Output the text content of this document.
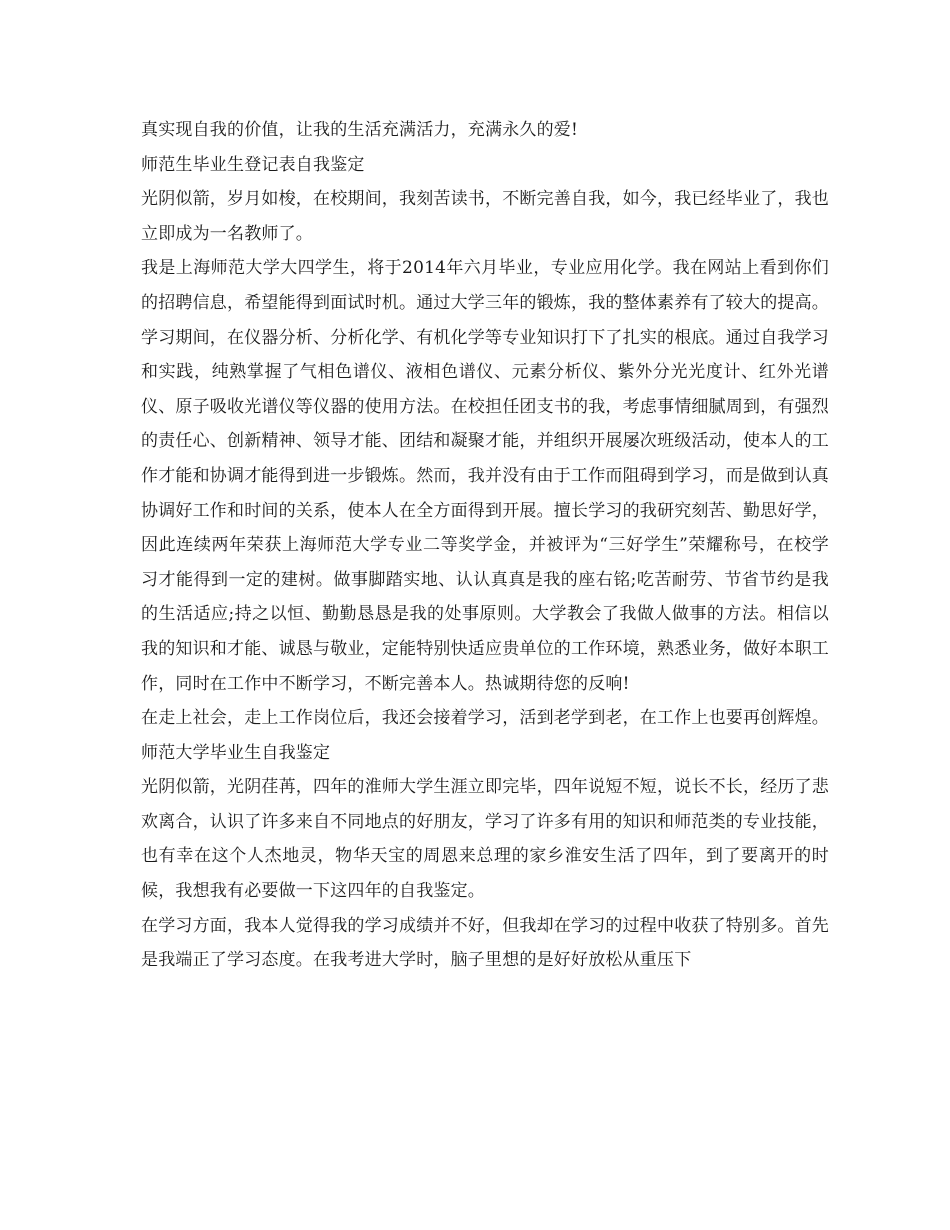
真实现自我的价值，让我的生活充满活力，充满永久的爱!

师范生毕业生登记表自我鉴定

光阴似箭，岁月如梭，在校期间，我刻苦读书，不断完善自我，如今，我已经毕业了，我也立即成为一名教师了。

我是上海师范大学大四学生，将于2014年六月毕业，专业应用化学。我在网站上看到你们的招聘信息，希望能得到面试时机。通过大学三年的锻炼，我的整体素养有了较大的提高。学习期间，在仪器分析、分析化学、有机化学等专业知识打下了扎实的根底。通过自我学习和实践，纯熟掌握了气相色谱仪、液相色谱仪、元素分析仪、紫外分光光度计、红外光谱仪、原子吸收光谱仪等仪器的使用方法。在校担任团支书的我，考虑事情细腻周到，有强烈的责任心、创新精神、领导才能、团结和凝聚才能，并组织开展屡次班级活动，使本人的工作才能和协调才能得到进一步锻炼。然而，我并没有由于工作而阻碍到学习，而是做到认真协调好工作和时间的关系，使本人在全方面得到开展。擅长学习的我研究刻苦、勤思好学，因此连续两年荣获上海师范大学专业二等奖学金，并被评为“三好学生”荣耀称号，在校学习才能得到一定的建树。做事脚踏实地、认认真真是我的座右铭;吃苦耐劳、节省节约是我的生活适应;持之以恒、勤勤恳恳是我的处事原则。大学教会了我做人做事的方法。相信以我的知识和才能、诚恳与敬业，定能特别快适应贵单位的工作环境，熟悉业务，做好本职工作，同时在工作中不断学习，不断完善本人。热诚期待您的反响!

在走上社会，走上工作岗位后，我还会接着学习，活到老学到老，在工作上也要再创辉煌。

师范大学毕业生自我鉴定

光阴似箭，光阴荏苒，四年的淮师大学生涯立即完毕，四年说短不短，说长不长，经历了悲欢离合，认识了许多来自不同地点的好朋友，学习了许多有用的知识和师范类的专业技能，也有幸在这个人杰地灵，物华天宝的周恩来总理的家乡淮安生活了四年，到了要离开的时候，我想我有必要做一下这四年的自我鉴定。

在学习方面，我本人觉得我的学习成绩并不好，但我却在学习的过程中收获了特别多。首先是我端正了学习态度。在我考进大学时，脑子里想的是好好放松从重压下
